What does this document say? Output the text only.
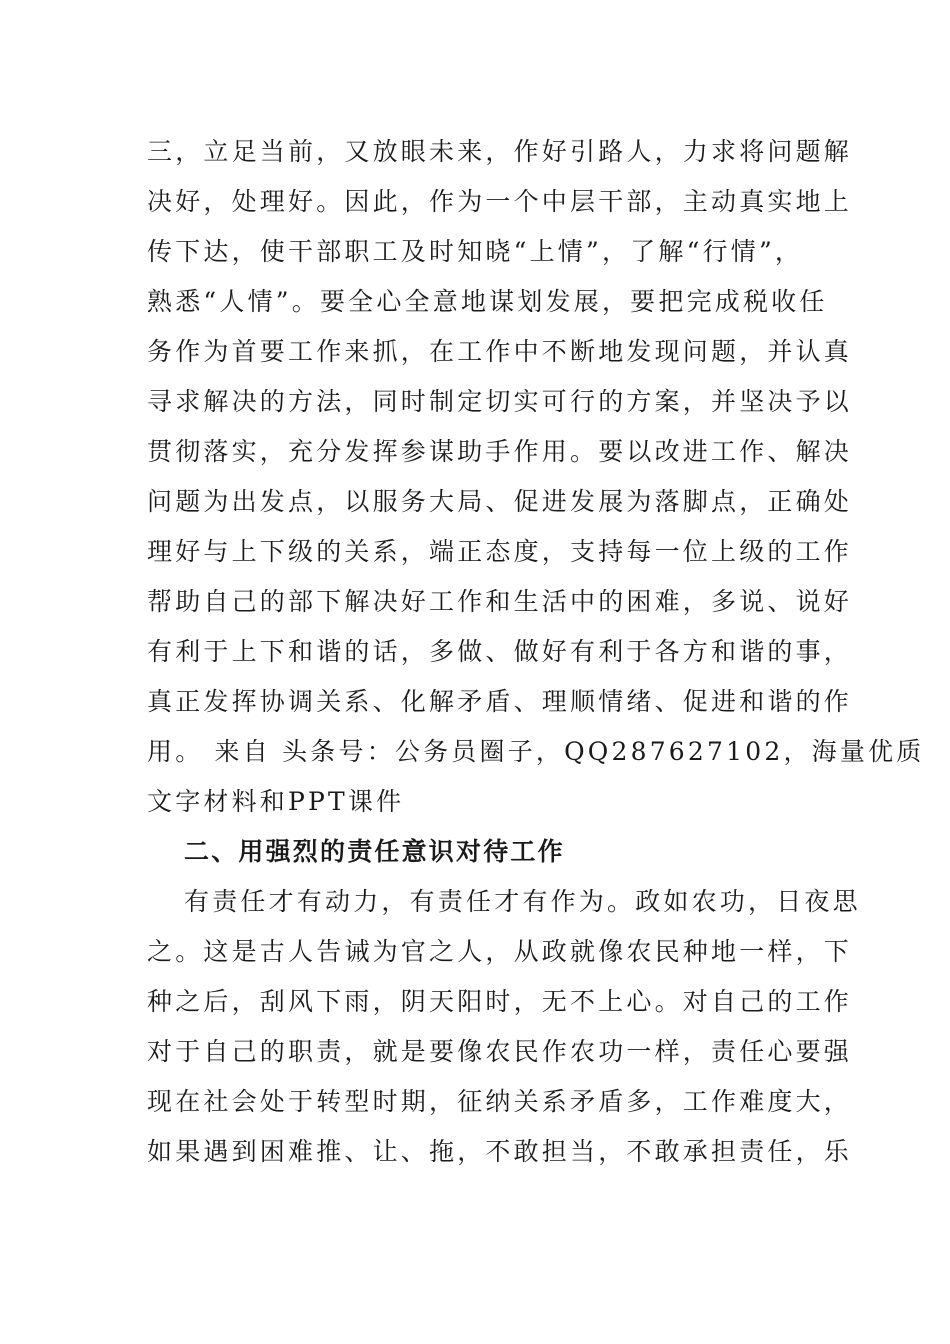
三，立足当前，又放眼未来，作好引路人，力求将问题解
决好，处理好。因此，作为一个中层干部，主动真实地上
传下达，使干部职工及时知晓“上情”，了解“行情”，
熟悉“人情”。要全心全意地谋划发展，要把完成税收任
务作为首要工作来抓，在工作中不断地发现问题，并认真
寻求解决的方法，同时制定切实可行的方案，并坚决予以
贯彻落实，充分发挥参谋助手作用。要以改进工作、解决
问题为出发点，以服务大局、促进发展为落脚点，正确处
理好与上下级的关系，端正态度，支持每一位上级的工作
帮助自己的部下解决好工作和生活中的困难，多说、说好
有利于上下和谐的话，多做、做好有利于各方和谐的事，
真正发挥协调关系、化解矛盾、理顺情绪、促进和谐的作
用。 来自 头条号：公务员圈子，QQ287627102，海量优质
文字材料和PPT课件
二、用强烈的责任意识对待工作
有责任才有动力，有责任才有作为。政如农功，日夜思
之。这是古人告诫为官之人，从政就像农民种地一样，下
种之后，刮风下雨，阴天阳时，无不上心。对自己的工作
对于自己的职责，就是要像农民作农功一样，责任心要强
现在社会处于转型时期，征纳关系矛盾多，工作难度大，
如果遇到困难推、让、拖，不敢担当，不敢承担责任，乐
